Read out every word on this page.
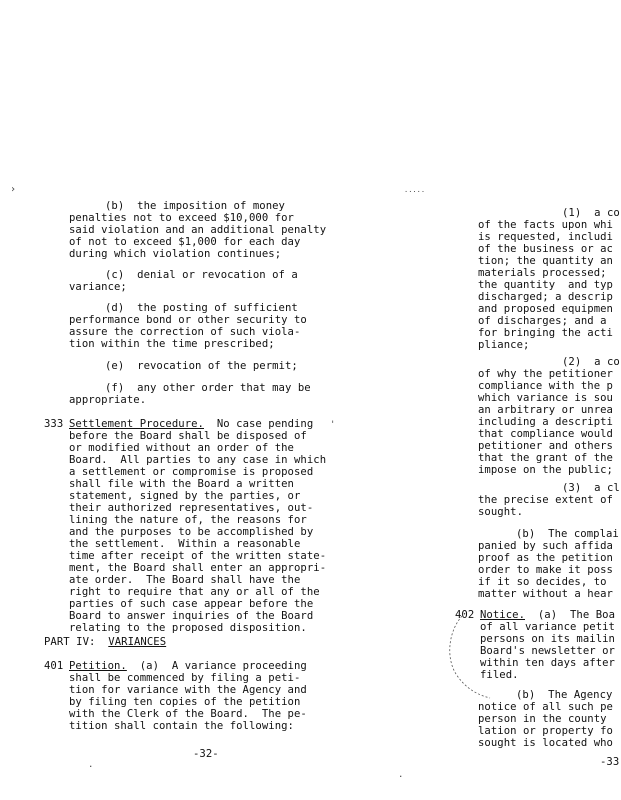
(b)  the imposition of money
penalties not to exceed $10,000 for
said violation and an additional penalty
of not to exceed $1,000 for each day
during which violation continues;
(c)  denial or revocation of a
variance;
(d)  the posting of sufficient
performance bond or other security to
assure the correction of such viola-
tion within the time prescribed;
(e)  revocation of the permit;
(f)  any other order that may be
appropriate.
333 Settlement Procedure.  No case pending
before the Board shall be disposed of
or modified without an order of the
Board.  All parties to any case in which
a settlement or compromise is proposed
shall file with the Board a written
statement, signed by the parties, or
their authorized representatives, out-
lining the nature of, the reasons for
and the purposes to be accomplished by
the settlement.  Within a reasonable
time after receipt of the written state-
ment, the Board shall enter an appropri-
ate order.  The Board shall have the
right to require that any or all of the
parties of such case appear before the
Board to answer inquiries of the Board
relating to the proposed disposition.
PART IV:  VARIANCES
401 Petition.  (a)  A variance proceeding
shall be commenced by filing a peti-
tion for variance with the Agency and
by filing ten copies of the petition
with the Clerk of the Board.  The pe-
tition shall contain the following:
-32-
(1)  a co
of the facts upon whi
is requested, includi
of the business or ac
tion; the quantity an
materials processed;
the quantity  and typ
discharged; a descrip
and proposed equipmen
of discharges; and a
for bringing the acti
pliance;
(2)  a co
of why the petitioner
compliance with the p
which variance is sou
an arbitrary or unrea
including a descripti
that compliance would
petitioner and others
that the grant of the
impose on the public;
(3)  a cl
the precise extent of
sought.
(b)  The complai
panied by such affida
proof as the petition
order to make it poss
if it so decides, to
matter without a hear
402 Notice.  (a)  The Boa
of all variance petit
persons on its mailin
Board's newsletter or
within ten days after
filed.
(b)  The Agency
notice of all such pe
person in the county
lation or property fo
sought is located who
-33
›	.....
'
.
.
